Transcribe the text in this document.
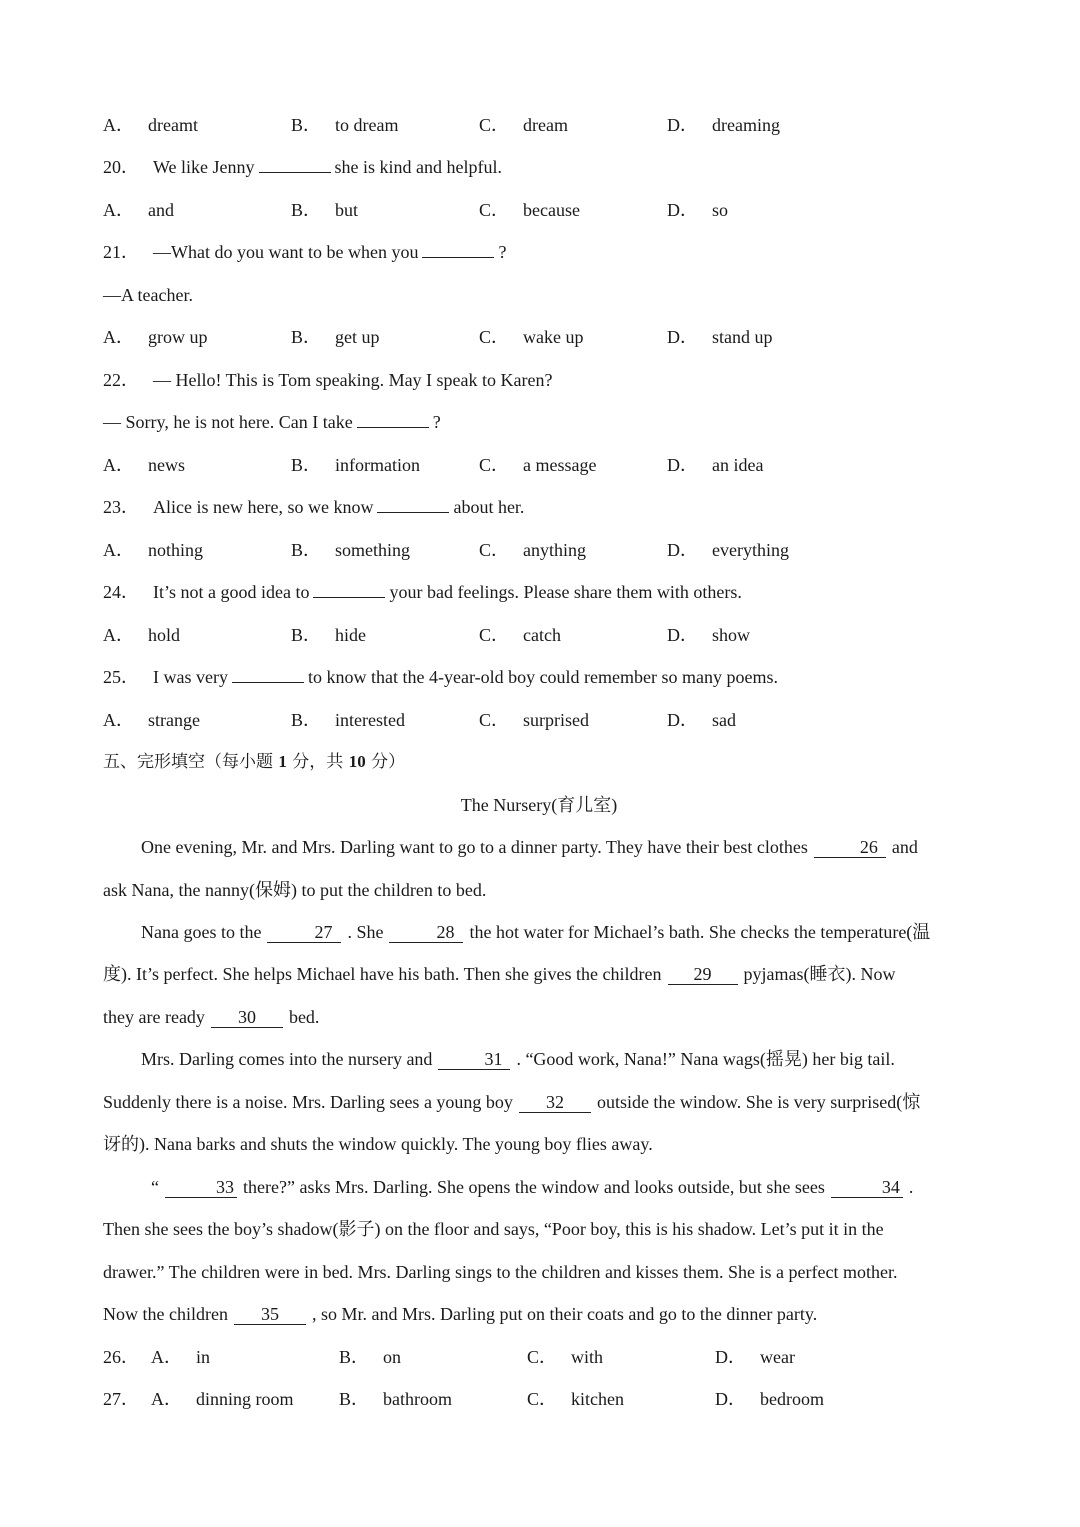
A． dreamt	B． to dream	C． dream	D． dreaming
20． We like Jenny	she is kind and helpful.
A． and	B． but	C． because	D． so
21． —What do you want to be when you	?
—A teacher.
A． grow up	B． get up	C． wake up	D． stand up
22． — Hello! This is Tom speaking. May I speak to Karen?
— Sorry, he is not here. Can I take	?
A． news	B． information	C． a message	D． an idea
23． Alice is new here, so we know	about her.
A． nothing	B． something	C． anything	D． everything
24． It’s not a good idea to	your bad feelings. Please share them with others.
A． hold	B． hide	C． catch	D． show
25． I was very	to know that the 4-year-old boy could remember so many poems.
A． strange	B． interested	C． surprised	D． sad
五、完形填空（每小题 1 分，共 10 分）
The Nursery(育儿室)
One evening, Mr. and Mrs. Darling want to go to a dinner party. They have their best clothes	26 and
ask Nana, the nanny(保姆) to put the children to bed.
Nana goes to the	27 . She	28 the hot water for Michael’s bath. She checks the temperature(温
度). It’s perfect. She helps Michael have his bath. Then she gives the children 29 pyjamas(睡衣). Now
they are ready 30 bed.
Mrs. Darling comes into the nursery and	31 . “Good work, Nana!” Nana wags(摇晃) her big tail.
Suddenly there is a noise. Mrs. Darling sees a young boy 32 outside the window. She is very surprised(惊
讶的). Nana barks and shuts the window quickly. The young boy flies away.
“	33 there?” asks Mrs. Darling. She opens the window and looks outside, but she sees	34 .
Then she sees the boy’s shadow(影子) on the floor and says, “Poor boy, this is his shadow. Let’s put it in the
drawer.” The children were in bed. Mrs. Darling sings to the children and kisses them. She is a perfect mother.
Now the children 35 , so Mr. and Mrs. Darling put on their coats and go to the dinner party.
26． A． in	B． on	C． with	D． wear
27． A． dinning room	B． bathroom	C． kitchen	D． bedroom
